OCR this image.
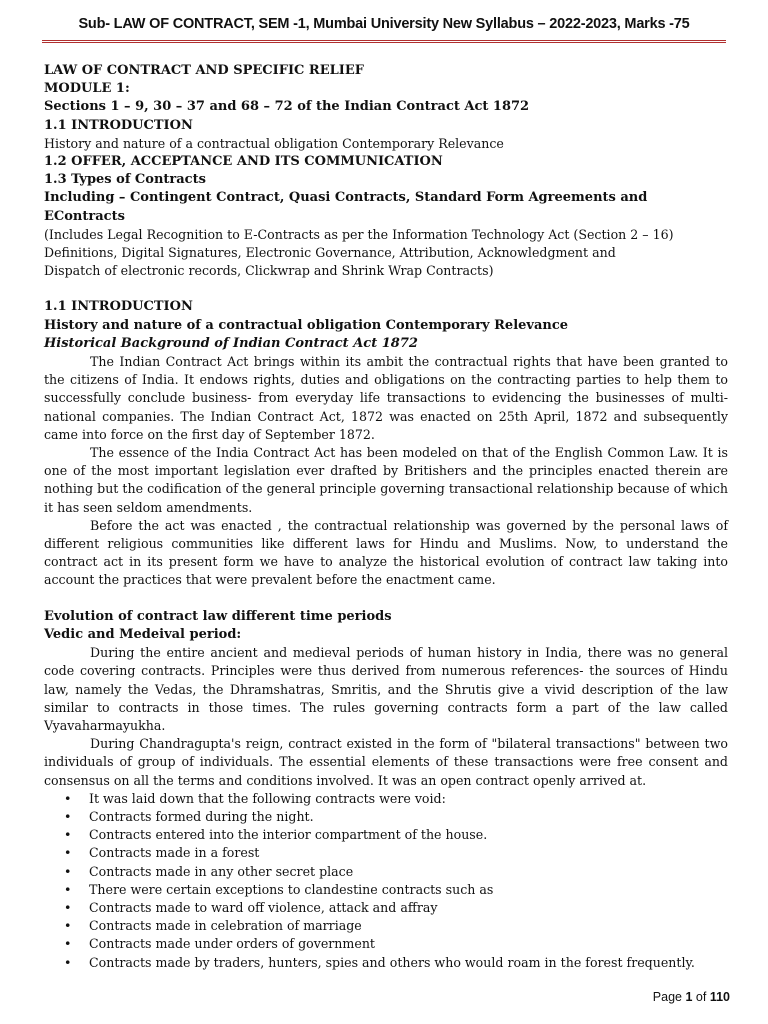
Sub- LAW OF CONTRACT, SEM -1, Mumbai University New Syllabus – 2022-2023, Marks -75

LAW OF CONTRACT AND SPECIFIC RELIEF

MODULE 1:

Sections 1 – 9, 30 – 37 and 68 – 72 of the Indian Contract Act 1872

1.1 INTRODUCTION

History and nature of a contractual obligation Contemporary Relevance

1.2 OFFER, ACCEPTANCE AND ITS COMMUNICATION

1.3 Types of Contracts

Including – Contingent Contract, Quasi Contracts, Standard Form Agreements and EContracts

(Includes Legal Recognition to E-Contracts as per the Information Technology Act (Section 2 – 16)

Definitions, Digital Signatures, Electronic Governance, Attribution, Acknowledgment and

Dispatch of electronic records, Clickwrap and Shrink Wrap Contracts)

1.1 INTRODUCTION

History and nature of a contractual obligation Contemporary Relevance

Historical Background of Indian Contract Act 1872

The Indian Contract Act brings within its ambit the contractual rights that have been granted to the citizens of India. It endows rights, duties and obligations on the contracting parties to help them to successfully conclude business- from everyday life transactions to evidencing the businesses of multi-national companies. The Indian Contract Act, 1872 was enacted on 25th April, 1872 and subsequently came into force on the first day of September 1872.

The essence of the India Contract Act has been modeled on that of the English Common Law. It is one of the most important legislation ever drafted by Britishers and the principles enacted therein are nothing but the codification of the general principle governing transactional relationship because of which it has seen seldom amendments.

Before the act was enacted , the contractual relationship was governed by the personal laws of different religious communities like different laws for Hindu and Muslims. Now, to understand the contract act in its present form we have to analyze the historical evolution of contract law taking into account the practices that were prevalent before the enactment came.

Evolution of contract law different time periods

Vedic and Medeival period:

During the entire ancient and medieval periods of human history in India, there was no general code covering contracts. Principles were thus derived from numerous references- the sources of Hindu law, namely the Vedas, the Dhramshatras, Smritis, and the Shrutis give a vivid description of the law similar to contracts in those times. The rules governing contracts form a part of the law called Vyavaharmayukha.

During Chandragupta's reign, contract existed in the form of "bilateral transactions" between two individuals of group of individuals. The essential elements of these transactions were free consent and consensus on all the terms and conditions involved. It was an open contract openly arrived at.

• It was laid down that the following contracts were void:
• Contracts formed during the night.
• Contracts entered into the interior compartment of the house.
• Contracts made in a forest
• Contracts made in any other secret place
• There were certain exceptions to clandestine contracts such as
• Contracts made to ward off violence, attack and affray
• Contracts made in celebration of marriage
• Contracts made under orders of government
• Contracts made by traders, hunters, spies and others who would roam in the forest frequently.
Page 1 of 110
